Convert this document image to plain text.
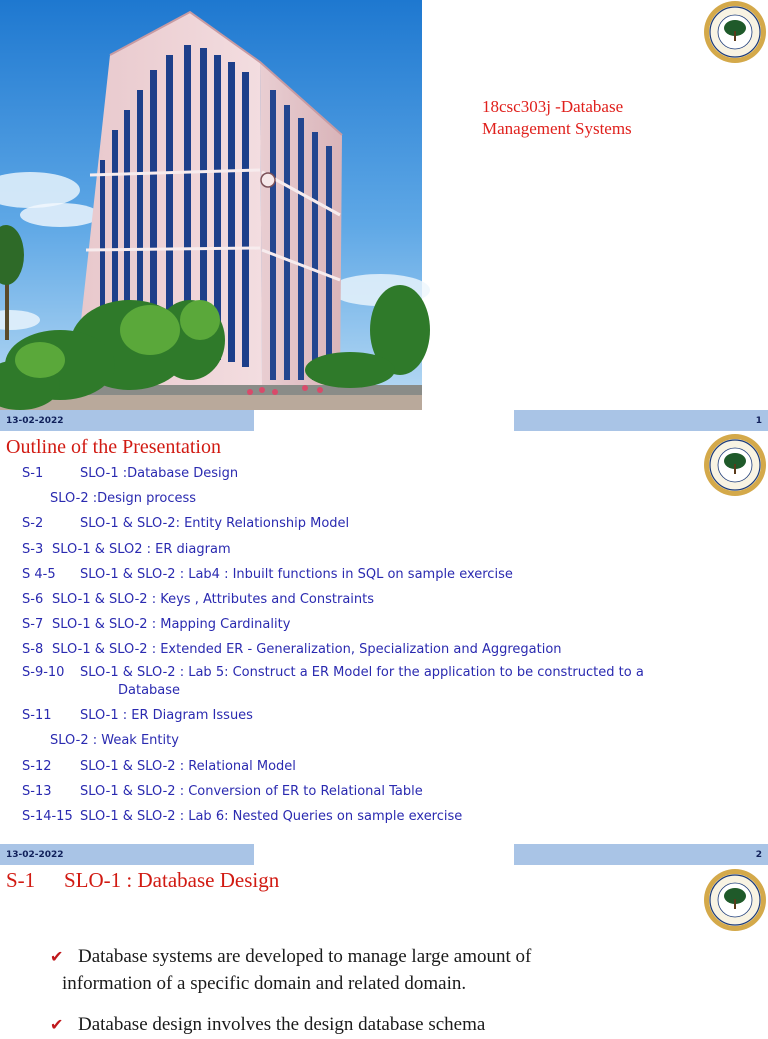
18csc303j -Database
Management Systems
13-02-2022	1
Outline of the Presentation
S-1	SLO-1 :Database Design
SLO-2 :Design process
S-2	SLO-1 & SLO-2: Entity Relationship Model
S-3 SLO-1 & SLO2 : ER diagram
S 4-5 SLO-1 & SLO-2 : Lab4 : Inbuilt functions in SQL on sample exercise
S-6 SLO-1 & SLO-2 : Keys , Attributes and Constraints
S-7 SLO-1 & SLO-2 : Mapping Cardinality
S-8 SLO-1 & SLO-2 : Extended ER - Generalization, Specialization and Aggregation
S-9-10 SLO-1 & SLO-2 : Lab 5: Construct a ER Model for the application to be constructed to a
Database
S-11 SLO-1 : ER Diagram Issues
SLO-2 : Weak Entity
S-12 SLO-1 & SLO-2 : Relational Model
S-13 SLO-1 & SLO-2 : Conversion of ER to Relational Table
S-14-15 SLO-1 & SLO-2 : Lab 6: Nested Queries on sample exercise
13-02-2022	2
S-1 SLO-1 : Database Design
✔ Database systems are developed to manage large amount of
information of a specific domain and related domain.
✔ Database design involves the design database schema
